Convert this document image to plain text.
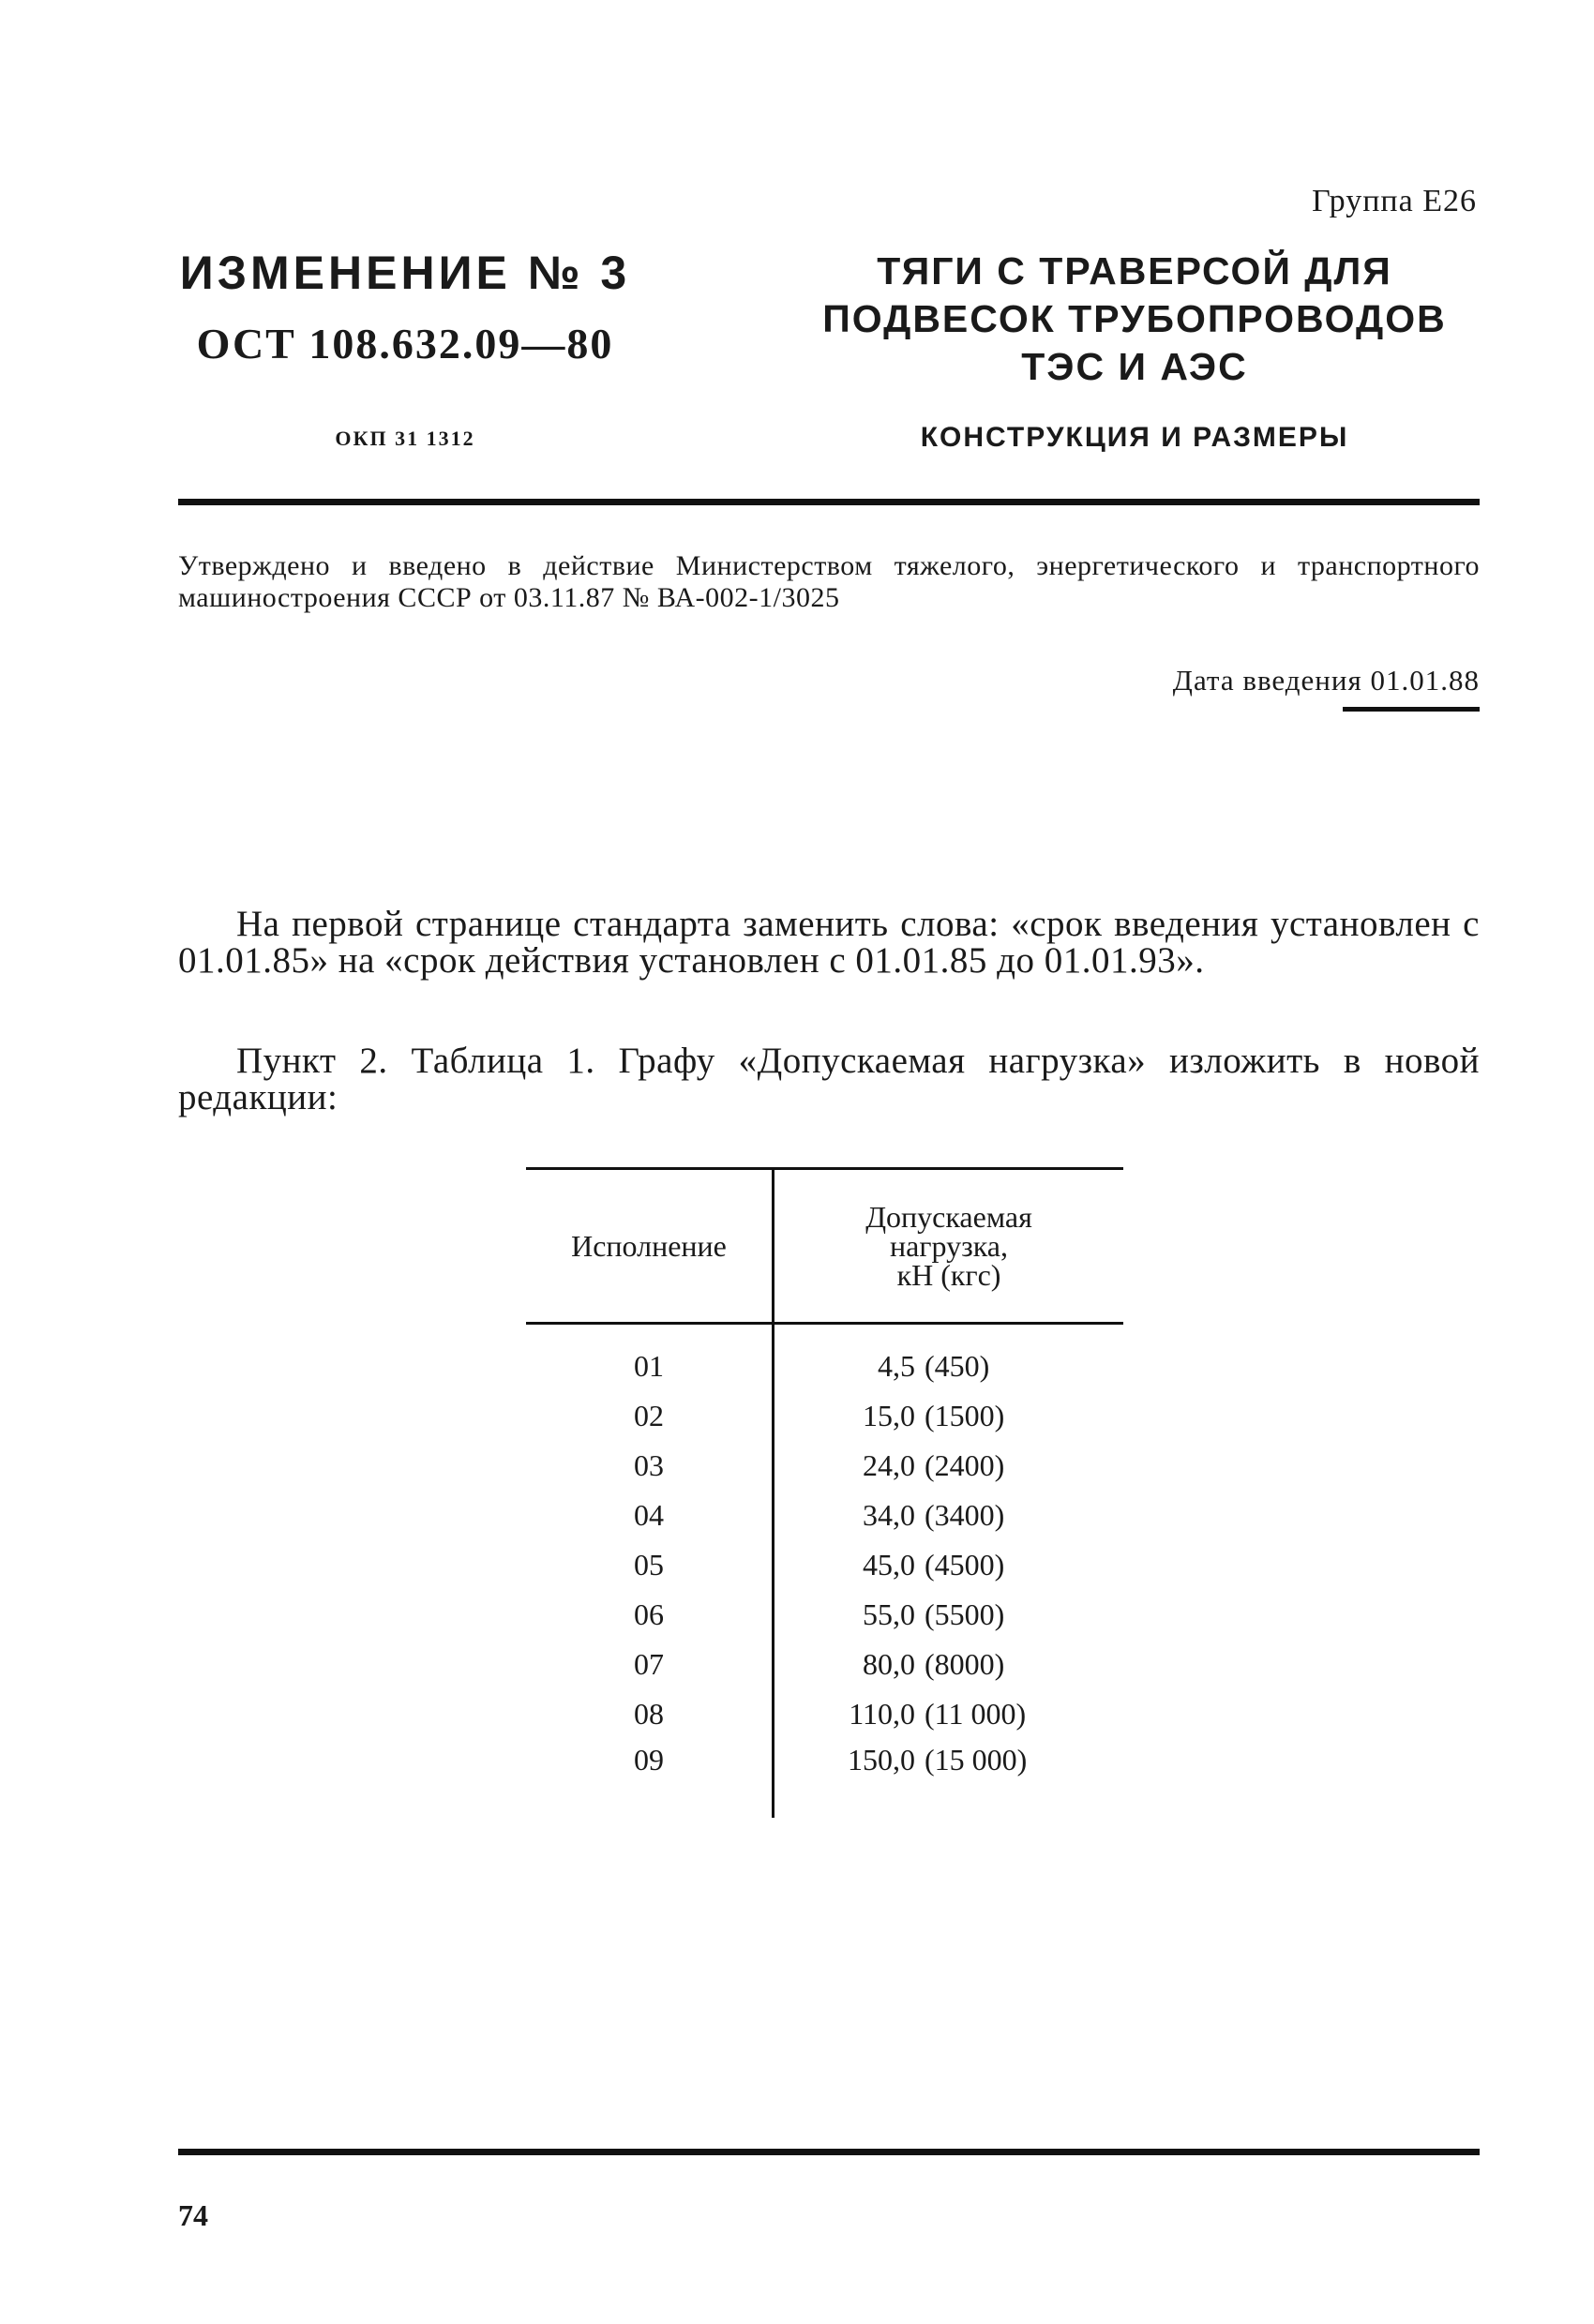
Группа Е26
ИЗМЕНЕНИЕ № 3
ОСТ 108.632.09—80
ОКП 31 1312
ТЯГИ С ТРАВЕРСОЙ ДЛЯ
ПОДВЕСОК ТРУБОПРОВОДОВ
ТЭС И АЭС
КОНСТРУКЦИЯ И РАЗМЕРЫ
Утверждено и введено в действие Министерством тяжелого, энергетического и транспортного машиностроения СССР от 03.11.87 № ВА-002-1/3025
Дата введения 01.01.88
На первой странице стандарта заменить слова: «срок введения установлен с 01.01.85» на «срок действия установлен с 01.01.85 до 01.01.93».
Пункт 2. Таблица 1. Графу «Допускаемая нагрузка» изложить в новой редакции:
Исполнение	Допускаемая
нагрузка,
кН (кгс)

01	4,5 (450)
02	15,0 (1500)
03	24,0 (2400)
04	34,0 (3400)
05	45,0 (4500)
06	55,0 (5500)
07	80,0 (8000)
08	110,0 (11 000)
09	150,0 (15 000)
74
